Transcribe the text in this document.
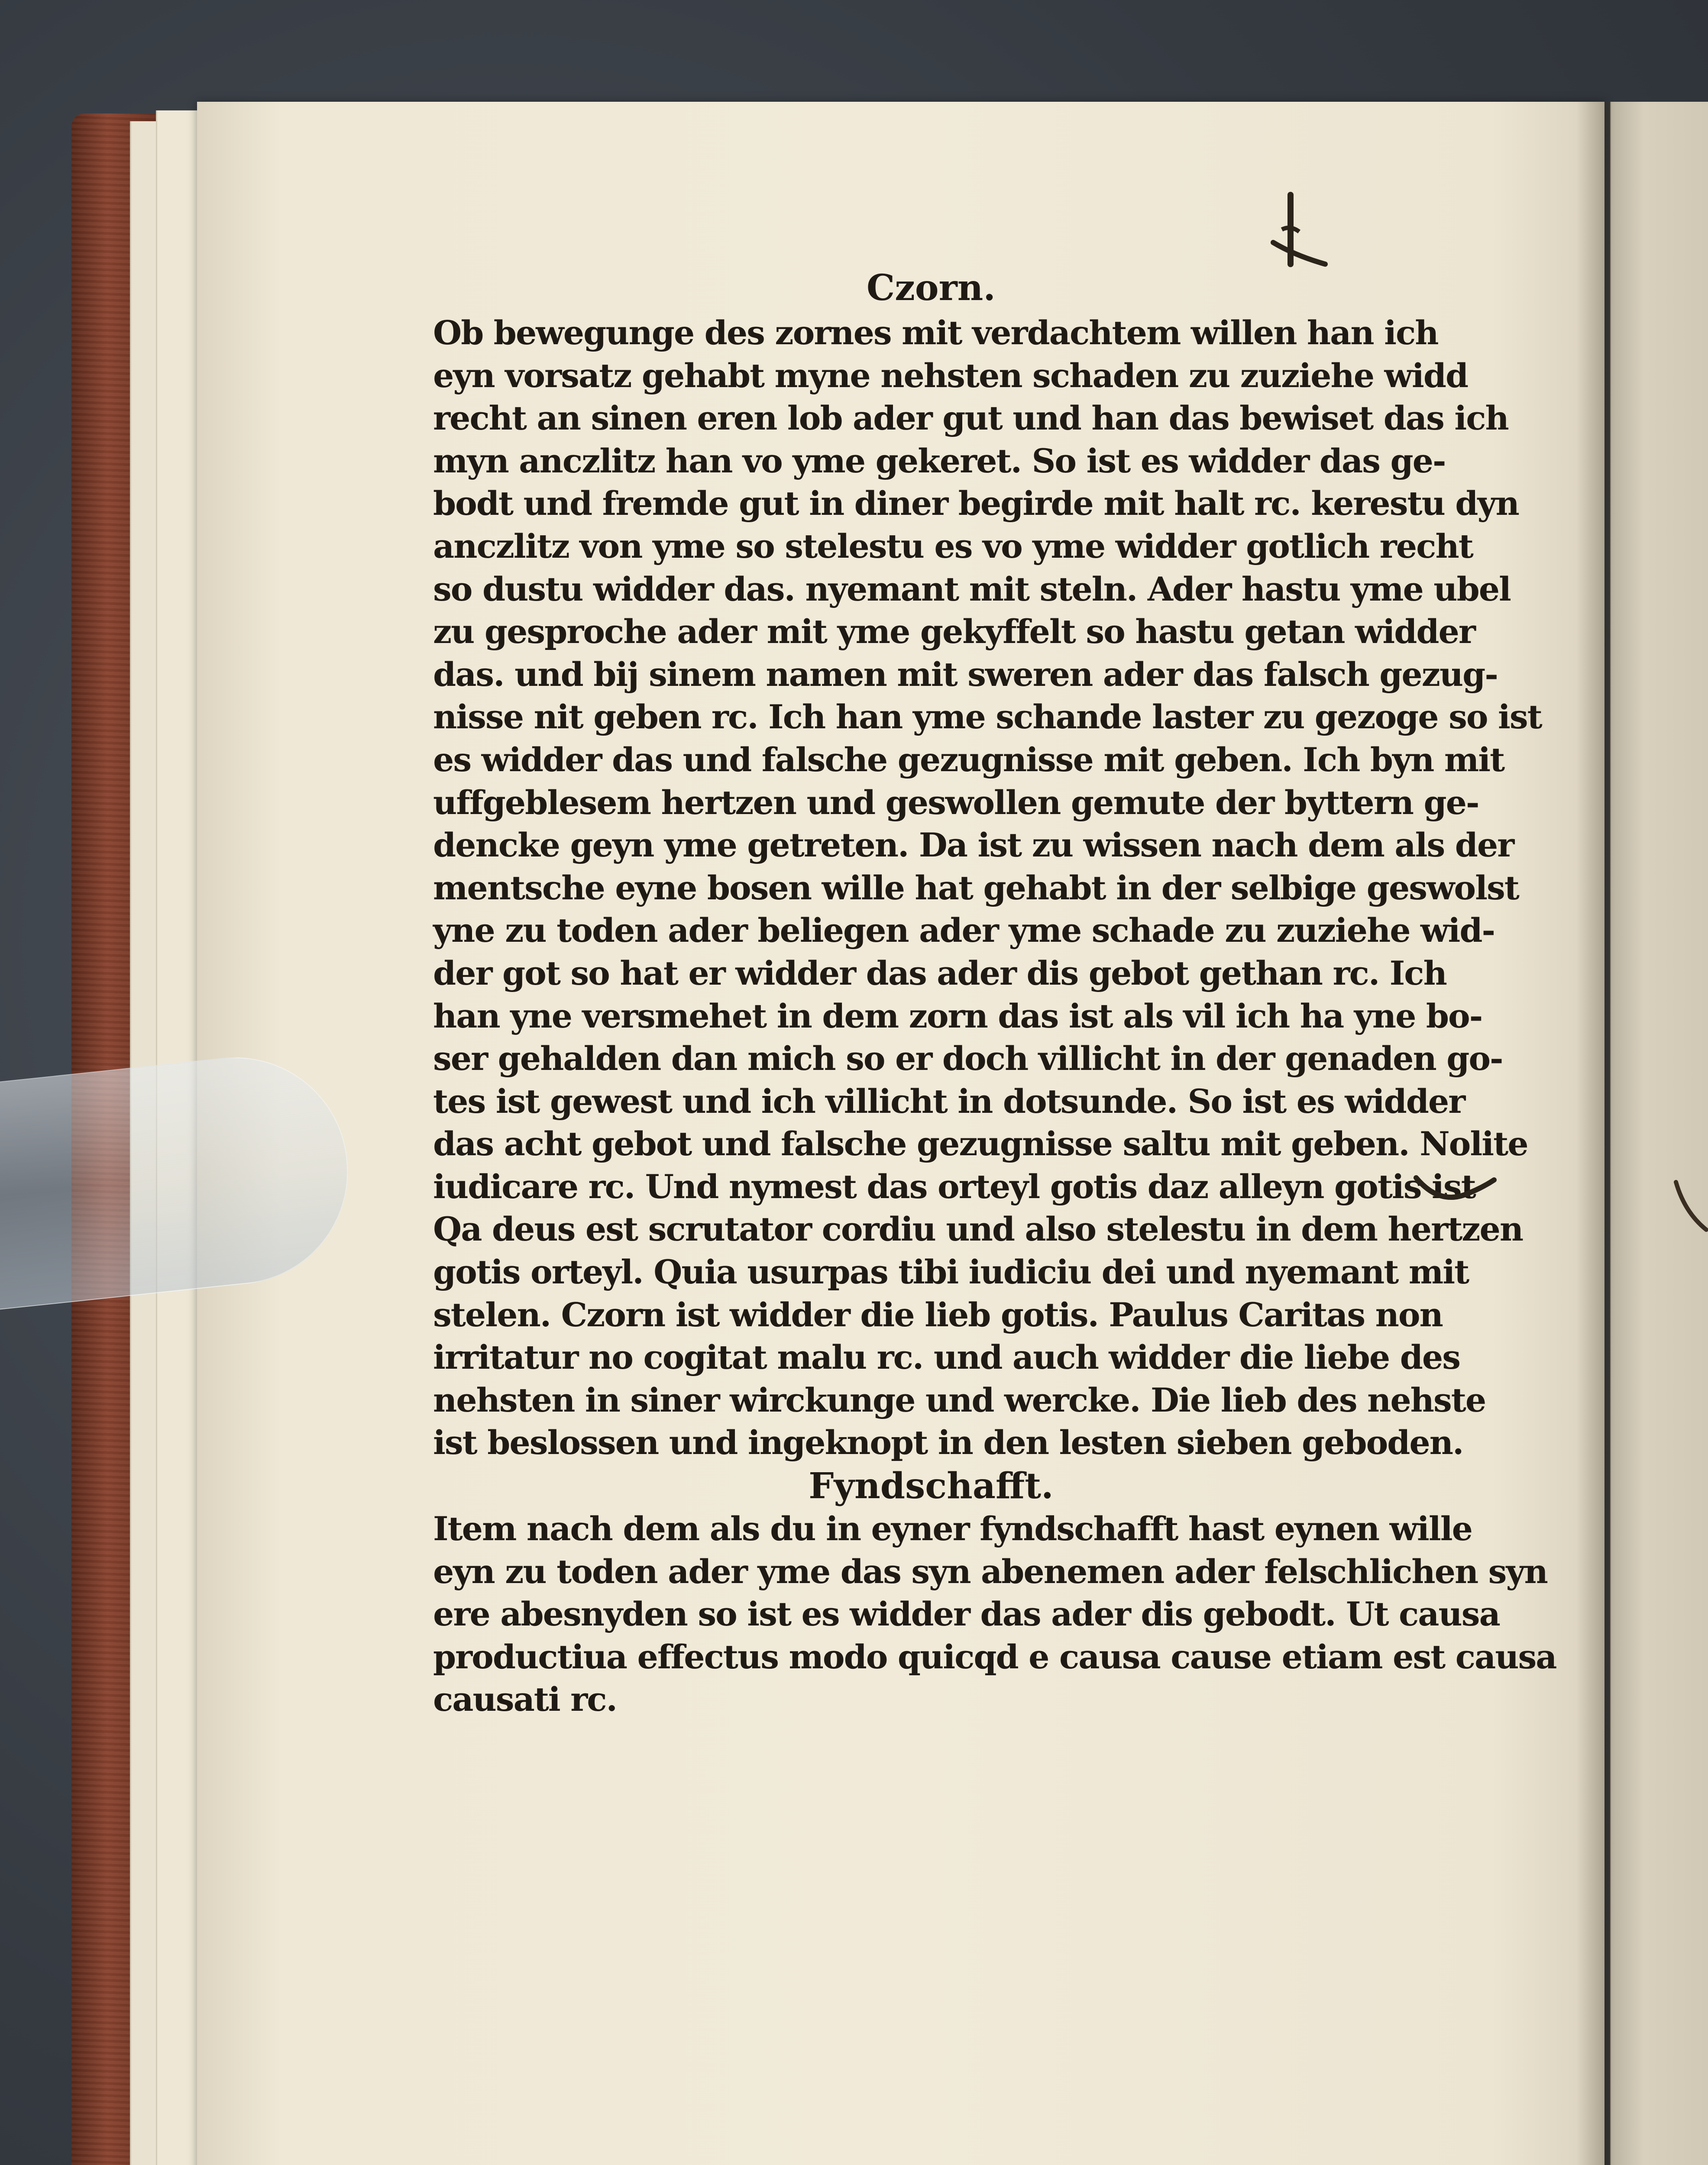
Czorn.

Ob bewegunge des zornes mit verdachtem willen han ich

eyn vorsatz gehabt myne nehsten schaden zu zuziehe widd

recht an sinen eren lob ader gut und han das bewiset das ich

myn anczlitz han vo yme gekeret. So ist es widder das ge-

bodt und fremde gut in diner begirde mit halt rc. kerestu dyn

anczlitz von yme so stelestu es vo yme widder gotlich recht

so dustu widder das. nyemant mit steln. Ader hastu yme ubel

zu gesproche ader mit yme gekyffelt so hastu getan widder

das. und bij sinem namen mit sweren ader das falsch gezug-

nisse nit geben rc. Ich han yme schande laster zu gezoge so ist

es widder das und falsche gezugnisse mit geben. Ich byn mit

uffgeblesem hertzen und geswollen gemute der byttern ge-

dencke geyn yme getreten. Da ist zu wissen nach dem als der

mentsche eyne bosen wille hat gehabt in der selbige geswolst

yne zu toden ader beliegen ader yme schade zu zuziehe wid-

der got so hat er widder das ader dis gebot gethan rc. Ich

han yne versmehet in dem zorn das ist als vil ich ha yne bo-

ser gehalden dan mich so er doch villicht in der genaden go-

tes ist gewest und ich villicht in dotsunde. So ist es widder

das acht gebot und falsche gezugnisse saltu mit geben. Nolite

iudicare rc. Und nymest das orteyl gotis daz alleyn gotis ist

Qa deus est scrutator cordiu und also stelestu in dem hertzen

gotis orteyl. Quia usurpas tibi iudiciu dei und nyemant mit

stelen. Czorn ist widder die lieb gotis. Paulus Caritas non

irritatur no cogitat malu rc. und auch widder die liebe des

nehsten in siner wirckunge und wercke. Die lieb des nehste

ist beslossen und ingeknopt in den lesten sieben geboden.

Fyndschafft.

Item nach dem als du in eyner fyndschafft hast eynen wille

eyn zu toden ader yme das syn abenemen ader felschlichen syn

ere abesnyden so ist es widder das ader dis gebodt. Ut causa

productiua effectus modo quicqd e causa cause etiam est causa

causati rc.
